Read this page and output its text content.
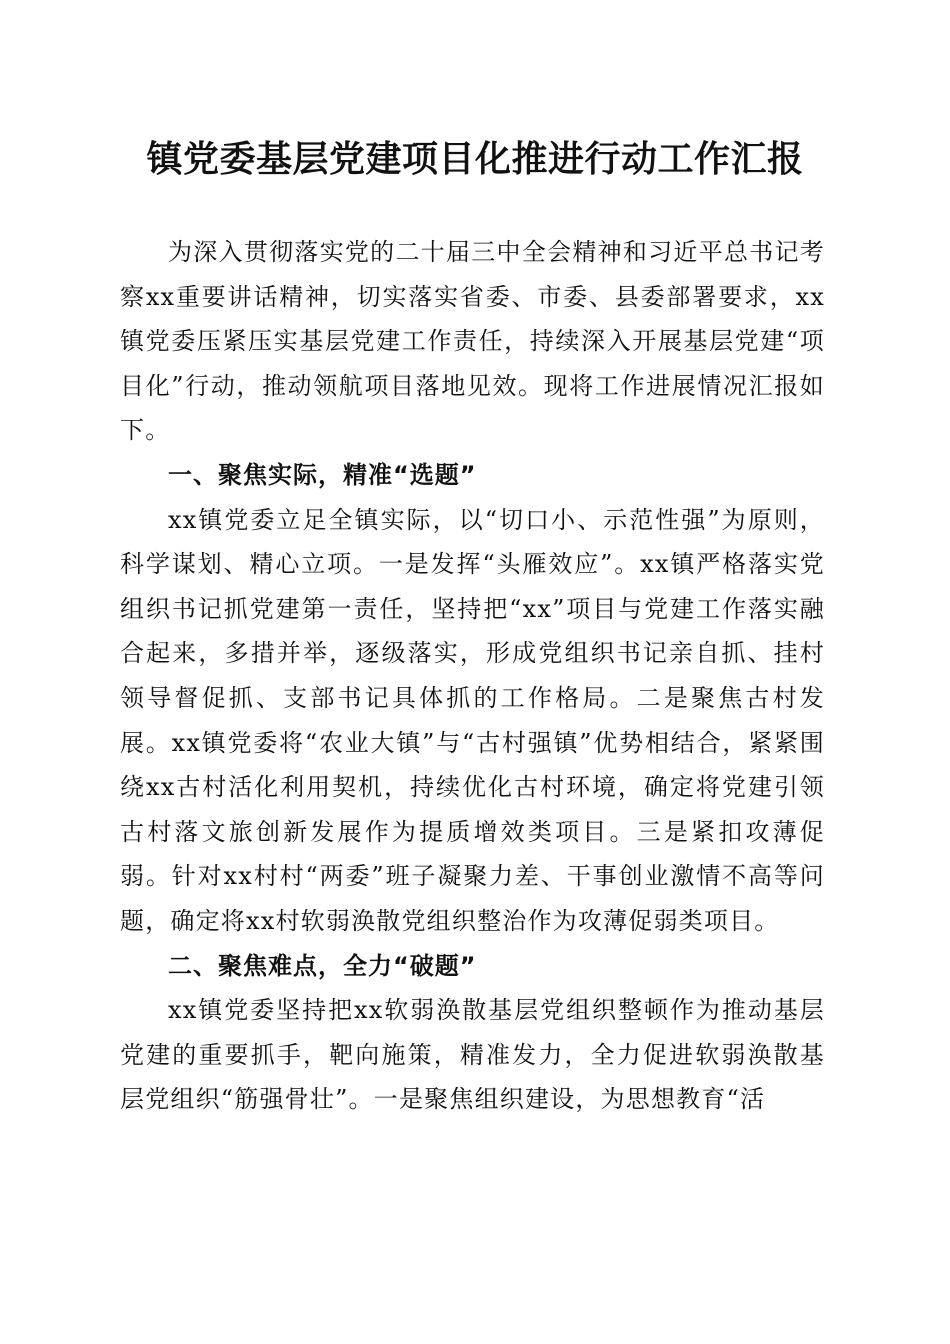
镇党委基层党建项目化推进行动工作汇报

为深入贯彻落实党的二十届三中全会精神和习近平总书记考察xx重要讲话精神，切实落实省委、市委、县委部署要求，xx镇党委压紧压实基层党建工作责任，持续深入开展基层党建“项目化”行动，推动领航项目落地见效。现将工作进展情况汇报如下。

一、聚焦实际，精准“选题”

xx镇党委立足全镇实际，以“切口小、示范性强”为原则，科学谋划、精心立项。一是发挥“头雁效应”。xx镇严格落实党组织书记抓党建第一责任，坚持把“xx”项目与党建工作落实融合起来，多措并举，逐级落实，形成党组织书记亲自抓、挂村领导督促抓、支部书记具体抓的工作格局。二是聚焦古村发展。xx镇党委将“农业大镇”与“古村强镇”优势相结合，紧紧围绕xx古村活化利用契机，持续优化古村环境，确定将党建引领古村落文旅创新发展作为提质增效类项目。三是紧扣攻薄促弱。针对xx村村“两委”班子凝聚力差、干事创业激情不高等问题，确定将xx村软弱涣散党组织整治作为攻薄促弱类项目。

二、聚焦难点，全力“破题”

xx镇党委坚持把xx软弱涣散基层党组织整顿作为推动基层党建的重要抓手，靶向施策，精准发力，全力促进软弱涣散基层党组织“筋强骨壮”。一是聚焦组织建设，为思想教育“活
